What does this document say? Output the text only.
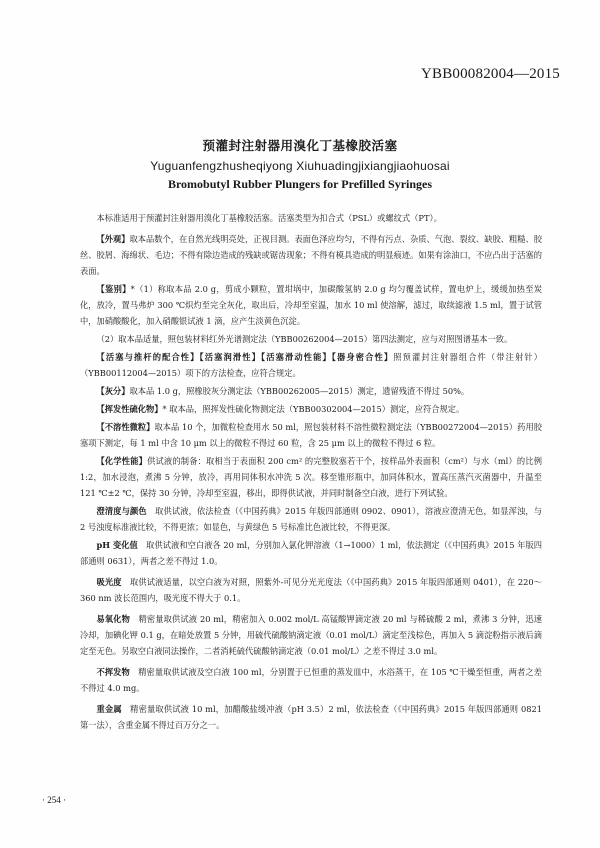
YBB00082004—2015
预灌封注射器用溴化丁基橡胶活塞
Yuguanfengzhusheqiyong Xiuhuadingjixiangjiaohuosai
Bromobutyl Rubber Plungers for Prefilled Syringes

本标准适用于预灌封注射器用溴化丁基橡胶活塞。活塞类型为扣合式（PSL）或螺纹式（PT）。

【外观】取本品数个，在自然光线明亮处，正视目测。表面色泽应均匀，不得有污点、杂质、气泡、裂纹、缺胶、粗糙、胶丝、胶屑、海绵状、毛边；不得有除边造成的残缺或锯齿现象；不得有模具造成的明显痕迹。如果有涂油口，不应凸出于活塞的表面。

【鉴别】*（1）称取本品 2.0 g，剪成小颗粒，置坩埚中，加碳酸氢钠 2.0 g 均匀覆盖试样，置电炉上，缓缓加热至炭化，放冷，置马弗炉 300 ℃炽灼至完全灰化，取出后，冷却至室温，加水 10 ml 使溶解，滤过，取续滤液 1.5 ml，置于试管中，加硝酸酸化，加入硝酸银试液 1 滴，应产生淡黄色沉淀。

（2）取本品适量，照包装材料红外光谱测定法（YBB00262004—2015）第四法测定，应与对照图谱基本一致。

【活塞与推杆的配合性】【活塞润滑性】【活塞滑动性能】【器身密合性】照预灌封注射器组合件（带注射针）（YBB00112004—2015）项下的方法检查，应符合规定。

【灰分】取本品 1.0 g，照橡胶灰分测定法（YBB00262005—2015）测定，遗留残渣不得过 50%。

【挥发性硫化物】* 取本品，照挥发性硫化物测定法（YBB00302004—2015）测定，应符合规定。

【不溶性微粒】取本品 10 个，加微粒检查用水 50 ml，照包装材料不溶性微粒测定法（YBB00272004—2015）药用胶塞项下测定，每 1 ml 中含 10 μm 以上的微粒不得过 60 粒，含 25 μm 以上的微粒不得过 6 粒。

【化学性能】供试液的制备：取相当于表面积 200 cm² 的完整胶塞若干个，按样品外表面积（cm²）与水（ml）的比例 1:2，加水浸泡，煮沸 5 分钟，放冷，再用同体积水冲洗 5 次。移至锥形瓶中，加同体积水，置高压蒸汽灭菌器中，升温至 121 ℃±2 ℃，保持 30 分钟，冷却至室温，移出，即得供试液，并同时制备空白液，进行下列试验。

澄清度与颜色　 取供试液，依法检查（《中国药典》2015 年版四部通则 0902、0901），溶液应澄清无色，如显浑浊，与 2 号浊度标准液比较，不得更浓；如显色，与黄绿色 5 号标准比色液比较，不得更深。

pH 变化值　 取供试液和空白液各 20 ml，分别加入氯化钾溶液（1→1000）1 ml，依法测定（《中国药典》2015 年版四部通则 0631），两者之差不得过 1.0。

吸光度　 取供试液适量，以空白液为对照，照紫外-可见分光光度法（《中国药典》2015 年版四部通则 0401），在 220～360 nm 波长范围内，吸光度不得大于 0.1。

易氧化物　 精密量取供试液 20 ml，精密加入 0.002 mol/L 高锰酸钾滴定液 20 ml 与稀硫酸 2 ml，煮沸 3 分钟，迅速冷却，加碘化钾 0.1 g，在暗处放置 5 分钟，用硫代硫酸钠滴定液（0.01 mol/L）滴定至浅棕色，再加入 5 滴淀粉指示液后滴定至无色。另取空白液同法操作，二者消耗硫代硫酸钠滴定液（0.01 mol/L）之差不得过 3.0 ml。

不挥发物　 精密量取供试液及空白液 100 ml，分别置于已恒重的蒸发皿中，水浴蒸干，在 105 ℃干燥至恒重，两者之差不得过 4.0 mg。

重金属　 精密量取供试液 10 ml，加醋酸盐缓冲液（pH 3.5）2 ml，依法检查（《中国药典》2015 年版四部通则 0821 第一法），含重金属不得过百万分之一。

· 254 ·
